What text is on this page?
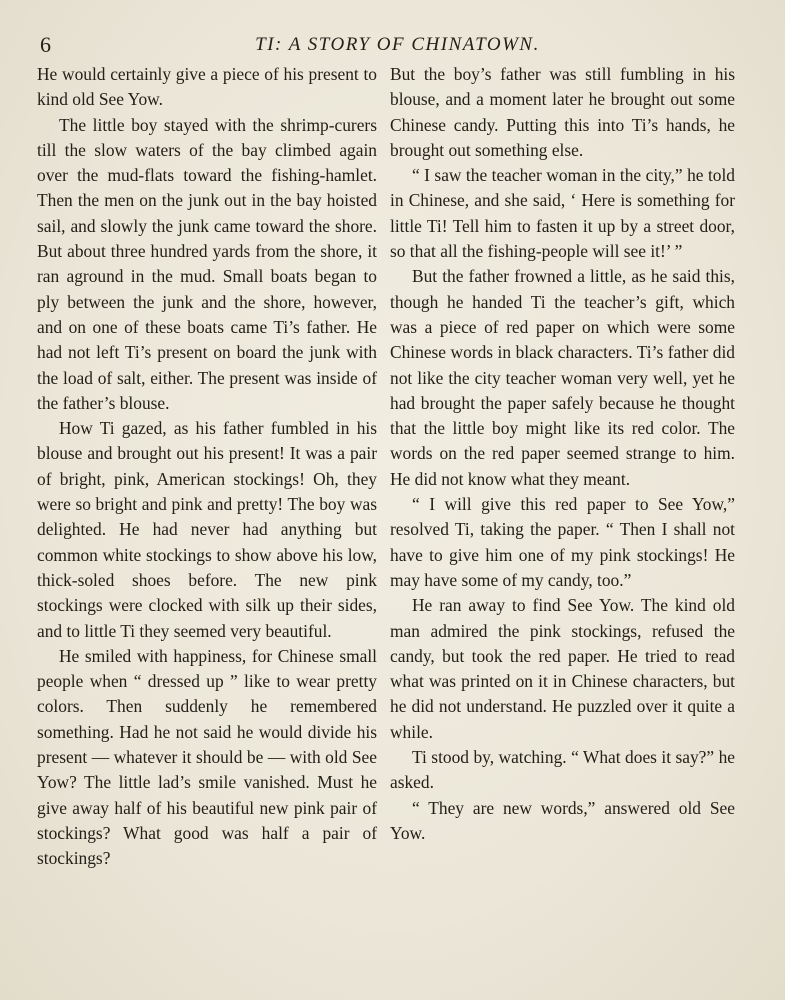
6	TI: A STORY OF CHINATOWN.

He would certainly give a piece of his present to kind old See Yow.

The little boy stayed with the shrimp-curers till the slow waters of the bay climbed again over the mud-flats toward the fishing-hamlet. Then the men on the junk out in the bay hoisted sail, and slowly the junk came toward the shore. But about three hundred yards from the shore, it ran aground in the mud. Small boats began to ply between the junk and the shore, however, and on one of these boats came Ti’s father. He had not left Ti’s present on board the junk with the load of salt, either. The present was inside of the father’s blouse.

How Ti gazed, as his father fumbled in his blouse and brought out his present! It was a pair of bright, pink, American stockings! Oh, they were so bright and pink and pretty! The boy was delighted. He had never had anything but common white stockings to show above his low, thick-soled shoes before. The new pink stockings were clocked with silk up their sides, and to little Ti they seemed very beautiful.

He smiled with happiness, for Chinese small people when “ dressed up ” like to wear pretty colors. Then suddenly he remembered something. Had he not said he would divide his present — whatever it should be — with old See Yow? The little lad’s smile vanished. Must he give away half of his beautiful new pink pair of stockings? What good was half a pair of stockings?

But the boy’s father was still fumbling in his blouse, and a moment later he brought out some Chinese candy. Putting this into Ti’s hands, he brought out something else.

“ I saw the teacher woman in the city,” he told in Chinese, and she said, ‘ Here is something for little Ti! Tell him to fasten it up by a street door, so that all the fishing-people will see it!’ ”

But the father frowned a little, as he said this, though he handed Ti the teacher’s gift, which was a piece of red paper on which were some Chinese words in black characters. Ti’s father did not like the city teacher woman very well, yet he had brought the paper safely because he thought that the little boy might like its red color. The words on the red paper seemed strange to him. He did not know what they meant.

“ I will give this red paper to See Yow,” resolved Ti, taking the paper. “ Then I shall not have to give him one of my pink stockings! He may have some of my candy, too.”

He ran away to find See Yow. The kind old man admired the pink stockings, refused the candy, but took the red paper. He tried to read what was printed on it in Chinese characters, but he did not understand. He puzzled over it quite a while.

Ti stood by, watching. “ What does it say?” he asked.

“ They are new words,” answered old See Yow.
